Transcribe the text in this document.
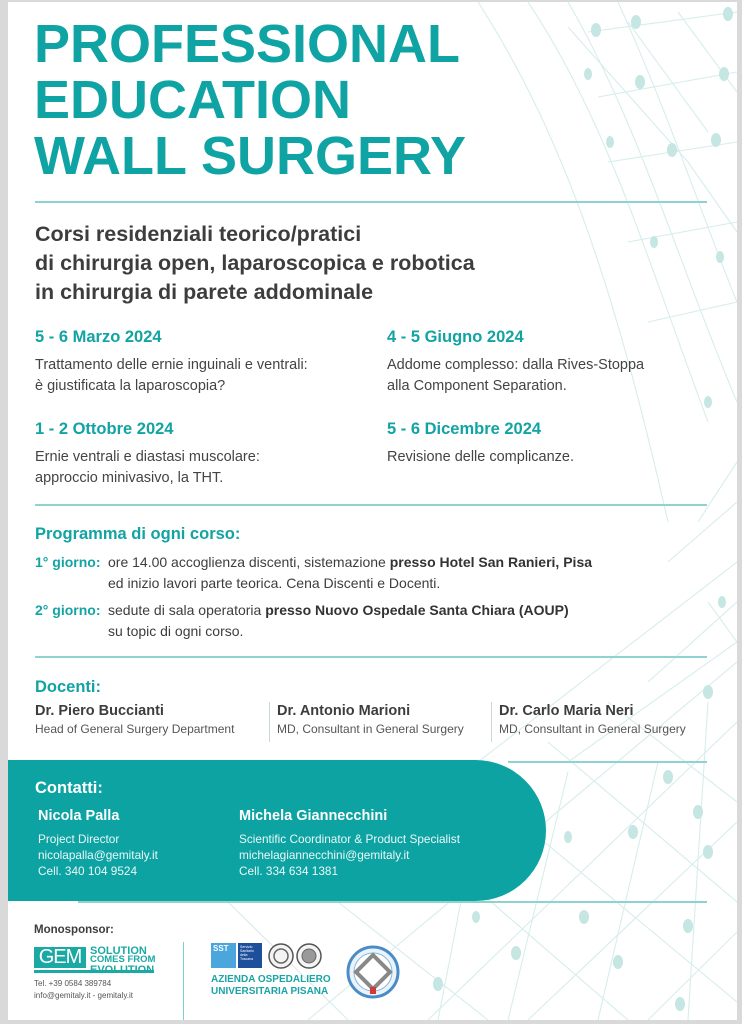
PROFESSIONAL
EDUCATION
WALL SURGERY
Corsi residenziali teorico/pratici
di chirurgia open, laparoscopica e robotica
in chirurgia di parete addominale
5 - 6 Marzo 2024
Trattamento delle ernie inguinali e ventrali:
è giustificata la laparoscopia?
4 - 5 Giugno 2024
Addome complesso: dalla Rives-Stoppa
alla Component Separation.
1 - 2 Ottobre 2024
Ernie ventrali e diastasi muscolare:
approccio minivasivo, la THT.
5 - 6 Dicembre 2024
Revisione delle complicanze.
Programma di ogni corso:
1° giorno: ore 14.00 accoglienza discenti, sistemazione presso Hotel San Ranieri, Pisa
ed inizio lavori parte teorica. Cena Discenti e Docenti.
2° giorno: sedute di sala operatoria presso Nuovo Ospedale Santa Chiara (AOUP)
su topic di ogni corso.
Docenti:
Dr. Piero Buccianti
Head of General Surgery Department
Dr. Antonio Marioni
MD, Consultant in General Surgery
Dr. Carlo Maria Neri
MD, Consultant in General Surgery
Contatti:
Nicola Palla
Project Director
nicolapalla@gemitaly.it
Cell. 340 104 9524
Michela Giannecchini
Scientific Coordinator & Product Specialist
michelagiannecchini@gemitaly.it
Cell. 334 634 1381
Monosponsor:
GEM SOLUTION
COMES FROM
Tel. +39 0584 389784
info@gemitaly.it - gemitaly.it
SST	Servizio
Sanitario
della
Toscana
AZIENDA OSPEDALIERO
UNIVERSITARIA PISANA
